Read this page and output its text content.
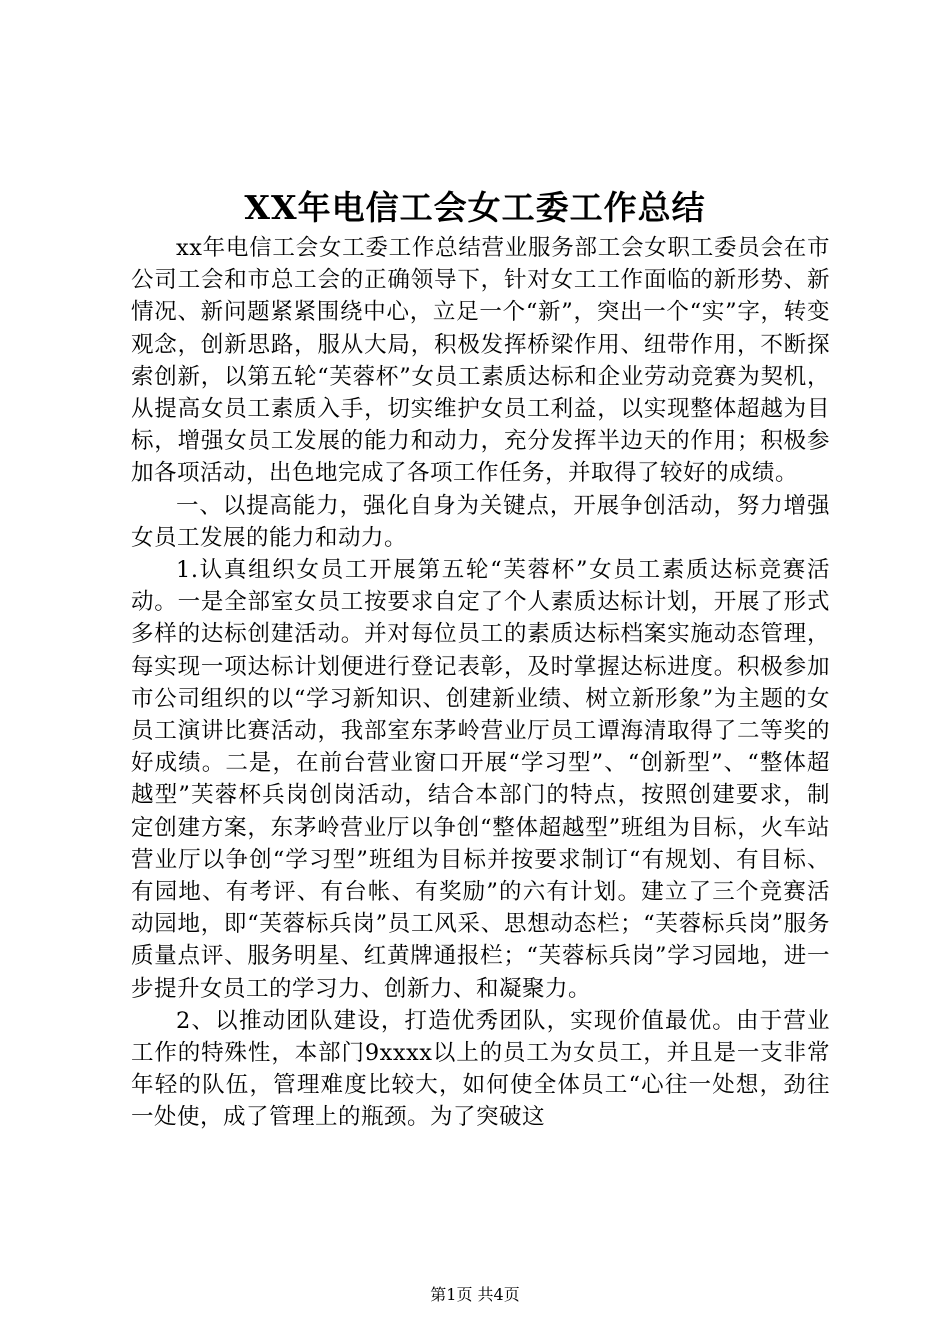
XX年电信工会女工委工作总结

xx年电信工会女工委工作总结营业服务部工会女职工委员会在市公司工会和市总工会的正确领导下，针对女工工作面临的新形势、新情况、新问题紧紧围绕中心，立足一个“新”，突出一个“实”字，转变观念，创新思路，服从大局，积极发挥桥梁作用、纽带作用，不断探索创新，以第五轮“芙蓉杯”女员工素质达标和企业劳动竞赛为契机，从提高女员工素质入手，切实维护女员工利益，以实现整体超越为目标，增强女员工发展的能力和动力，充分发挥半边天的作用；积极参加各项活动，出色地完成了各项工作任务，并取得了较好的成绩。

一、以提高能力，强化自身为关键点，开展争创活动，努力增强女员工发展的能力和动力。

1.认真组织女员工开展第五轮“芙蓉杯”女员工素质达标竞赛活动。一是全部室女员工按要求自定了个人素质达标计划，开展了形式多样的达标创建活动。并对每位员工的素质达标档案实施动态管理，每实现一项达标计划便进行登记表彰，及时掌握达标进度。积极参加市公司组织的以“学习新知识、创建新业绩、树立新形象”为主题的女员工演讲比赛活动，我部室东茅岭营业厅员工谭海清取得了二等奖的好成绩。二是，在前台营业窗口开展“学习型”、“创新型”、“整体超越型”芙蓉杯兵岗创岗活动，结合本部门的特点，按照创建要求，制定创建方案，东茅岭营业厅以争创“整体超越型”班组为目标，火车站营业厅以争创“学习型”班组为目标并按要求制订“有规划、有目标、有园地、有考评、有台帐、有奖励”的六有计划。建立了三个竞赛活动园地，即“芙蓉标兵岗”员工风采、思想动态栏；“芙蓉标兵岗”服务质量点评、服务明星、红黄牌通报栏；“芙蓉标兵岗”学习园地，进一步提升女员工的学习力、创新力、和凝聚力。

2、以推动团队建设，打造优秀团队，实现价值最优。由于营业工作的特殊性，本部门9xxxx以上的员工为女员工，并且是一支非常年轻的队伍，管理难度比较大，如何使全体员工“心往一处想，劲往一处使，成了管理上的瓶颈。为了突破这

第1页 共4页
